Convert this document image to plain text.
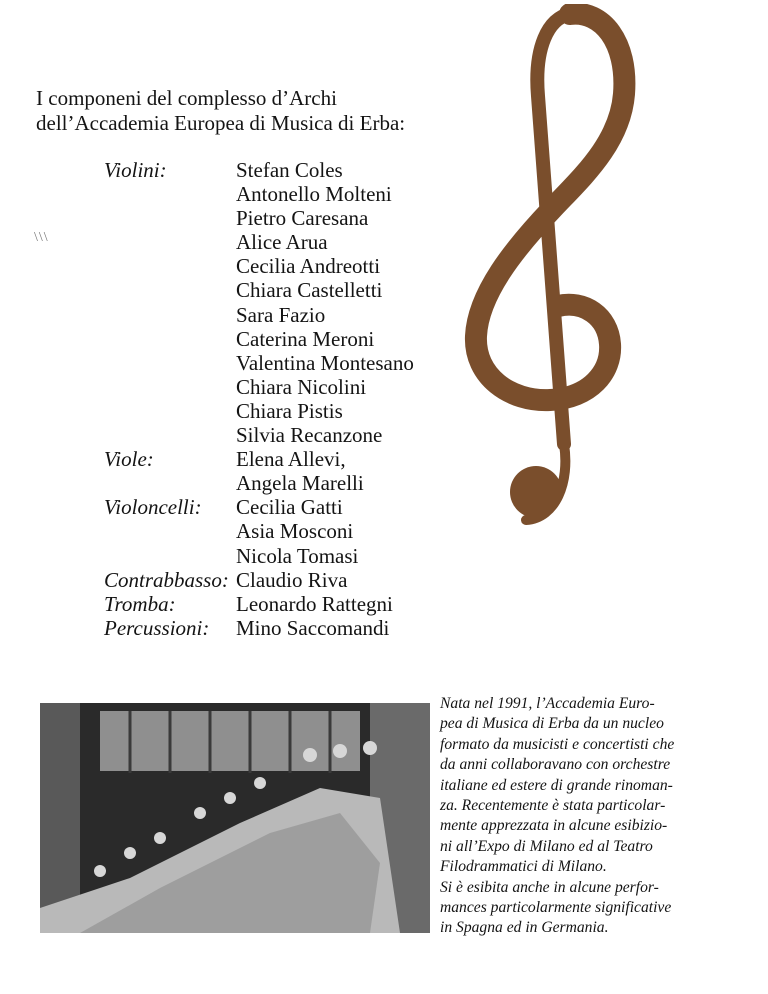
I componeni del complesso d’Archi
dell’Accademia Europea di Musica di Erba:
\\\
Violini:	Stefan Coles
Antonello Molteni
Pietro Caresana
Alice Arua
Cecilia Andreotti
Chiara Castelletti
Sara Fazio
Caterina Meroni
Valentina Montesano
Chiara Nicolini
Chiara Pistis
Silvia Recanzone
Viole:	Elena Allevi,
Angela Marelli
Violoncelli:	Cecilia Gatti
Asia Mosconi
Nicola Tomasi
Contrabbasso: Claudio Riva
Tromba:	Leonardo Rattegni
Percussioni:	Mino Saccomandi
Nata nel 1991, l’Accademia Euro-
pea di Musica di Erba da un nucleo
formato da musicisti e concertisti che
da anni collaboravano con orchestre
italiane ed estere di grande rinoman-
za. Recentemente è stata particolar-
mente apprezzata in alcune esibizio-
ni all’Expo di Milano ed al Teatro
Filodrammatici di Milano.
Si è esibita anche in alcune perfor-
mances particolarmente significative
in Spagna ed in Germania.
